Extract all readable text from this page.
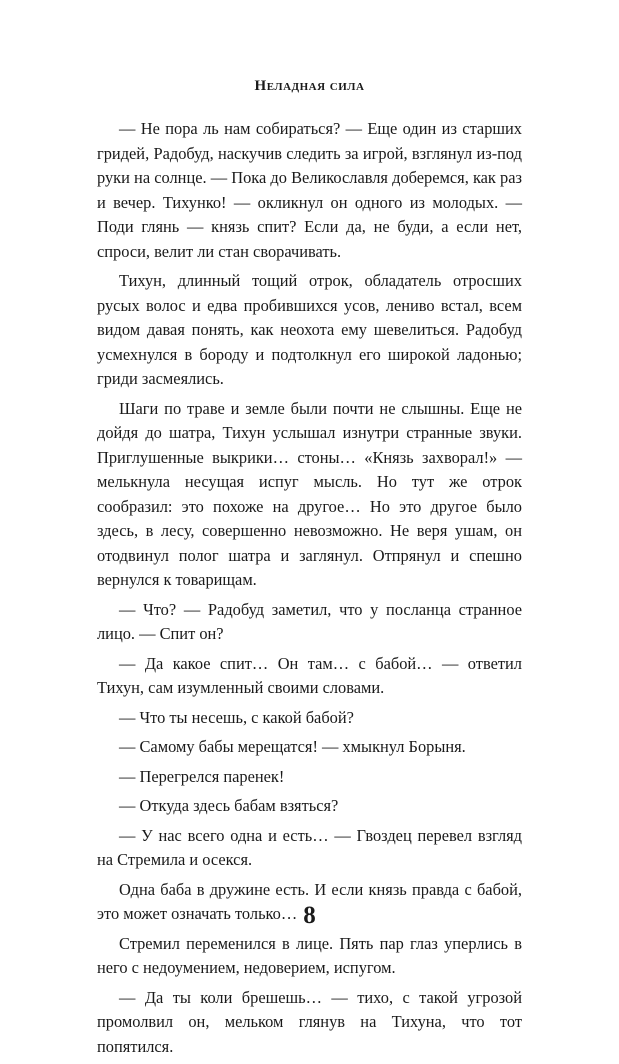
Неладная сила

— Не пора ль нам собираться? — Еще один из старших гридей, Радобуд, наскучив следить за игрой, взглянул из-под руки на солнце. — Пока до Великославля доберемся, как раз и вечер. Тихунко! — окликнул он одного из молодых. — Поди глянь — князь спит? Если да, не буди, а если нет, спроси, велит ли стан сворачивать.

Тихун, длинный тощий отрок, обладатель отросших русых волос и едва пробившихся усов, лениво встал, всем видом давая понять, как неохота ему шевелиться. Радобуд усмехнулся в бороду и подтолкнул его широкой ладонью; гриди засмеялись.

Шаги по траве и земле были почти не слышны. Еще не дойдя до шатра, Тихун услышал изнутри странные звуки. Приглушенные выкрики… стоны… «Князь захворал!» — мелькнула несущая испуг мысль. Но тут же отрок сообразил: это похоже на другое… Но это другое было здесь, в лесу, совершенно невозможно. Не веря ушам, он отодвинул полог шатра и заглянул. Отпрянул и спешно вернулся к товарищам.

— Что? — Радобуд заметил, что у посланца странное лицо. — Спит он?

— Да какое спит… Он там… с бабой… — ответил Тихун, сам изумленный своими словами.

— Что ты несешь, с какой бабой?

— Самому бабы мерещатся! — хмыкнул Борыня.

— Перегрелся паренек!

— Откуда здесь бабам взяться?

— У нас всего одна и есть… — Гвоздец перевел взгляд на Стремила и осекся.

Одна баба в дружине есть. И если князь правда с бабой, это может означать только…

Стремил переменился в лице. Пять пар глаз уперлись в него с недоумением, недоверием, испугом.

— Да ты коли брешешь… — тихо, с такой угрозой промолвил он, мельком глянув на Тихуна, что тот попятился.

8
